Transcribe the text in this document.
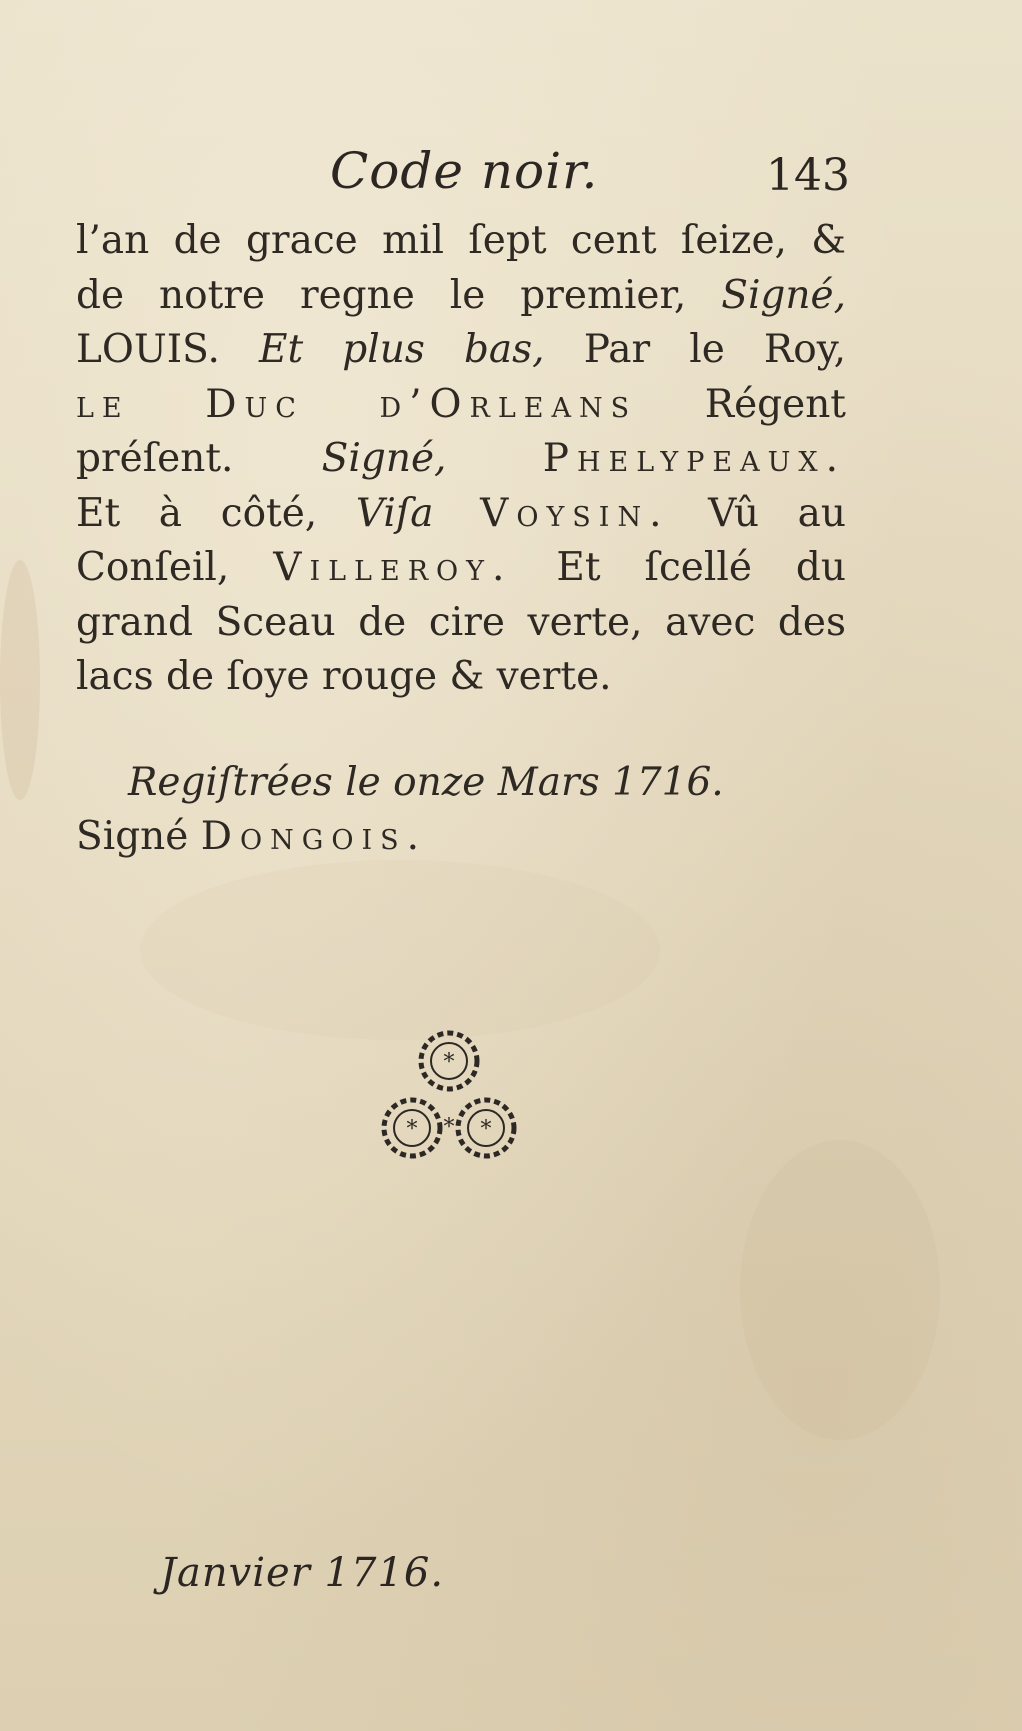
Code noir.	143
l’an de grace mil ſept cent ſeize, &
de notre regne le premier, Signé,
LOUIS. Et plus bas, Par le Roy,
le Duc d’Orleans Régent
préſent. Signé, Phelypeaux.
Et à côté, Viſa Voysin. Vû au
Conſeil, Villeroy. Et ſcellé du
grand Sceau de cire verte, avec des
lacs de ſoye rouge & verte.
Regiſtrées le onze Mars 1716.
Signé Dongois.
*
*	*
*
Janvier 1716.
